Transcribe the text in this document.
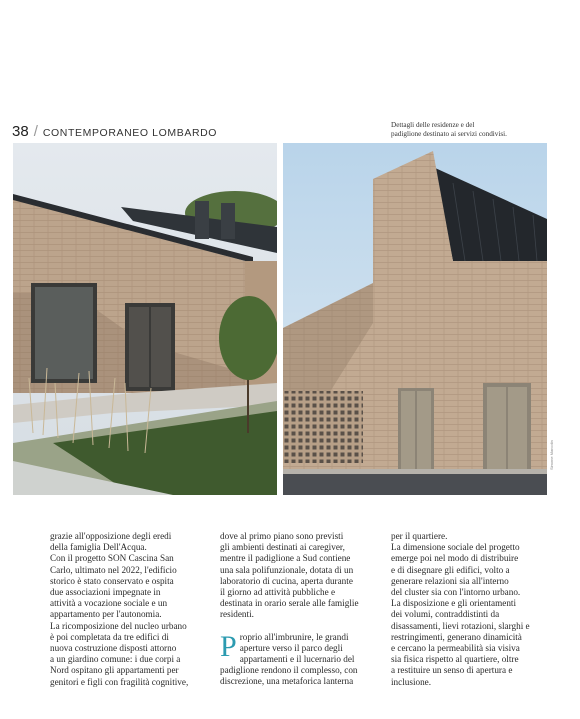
38 / CONTEMPORANEO LOMBARDO
Dettagli delle residenze e del
padiglione destinato ai servizi condivisi.
Simone Marcolin

grazie all'opposizione degli eredi

della famiglia Dell'Acqua.

Con il progetto SON Cascina San

Carlo, ultimato nel 2022, l'edificio

storico è stato conservato e ospita

due associazioni impegnate in

attività a vocazione sociale e un

appartamento per l'autonomia.

La ricomposizione del nucleo urbano

è poi completata da tre edifici di

nuova costruzione disposti attorno

a un giardino comune: i due corpi a

Nord ospitano gli appartamenti per

genitori e figli con fragilità cognitive,

dove al primo piano sono previsti

gli ambienti destinati ai caregiver,

mentre il padiglione a Sud contiene

una sala polifunzionale, dotata di un

laboratorio di cucina, aperta durante

il giorno ad attività pubbliche e

destinata in orario serale alle famiglie

residenti.

P roprio all'imbrunire, le grandi

aperture verso il parco degli

appartamenti e il lucernario del

padiglione rendono il complesso, con

discrezione, una metaforica lanterna

per il quartiere.

La dimensione sociale del progetto

emerge poi nel modo di distribuire

e di disegnare gli edifici, volto a

generare relazioni sia all'interno

del cluster sia con l'intorno urbano.

La disposizione e gli orientamenti

dei volumi, contraddistinti da

disassamenti, lievi rotazioni, slarghi e

restringimenti, generano dinamicità

e cercano la permeabilità sia visiva

sia fisica rispetto al quartiere, oltre

a restituire un senso di apertura e

inclusione.
